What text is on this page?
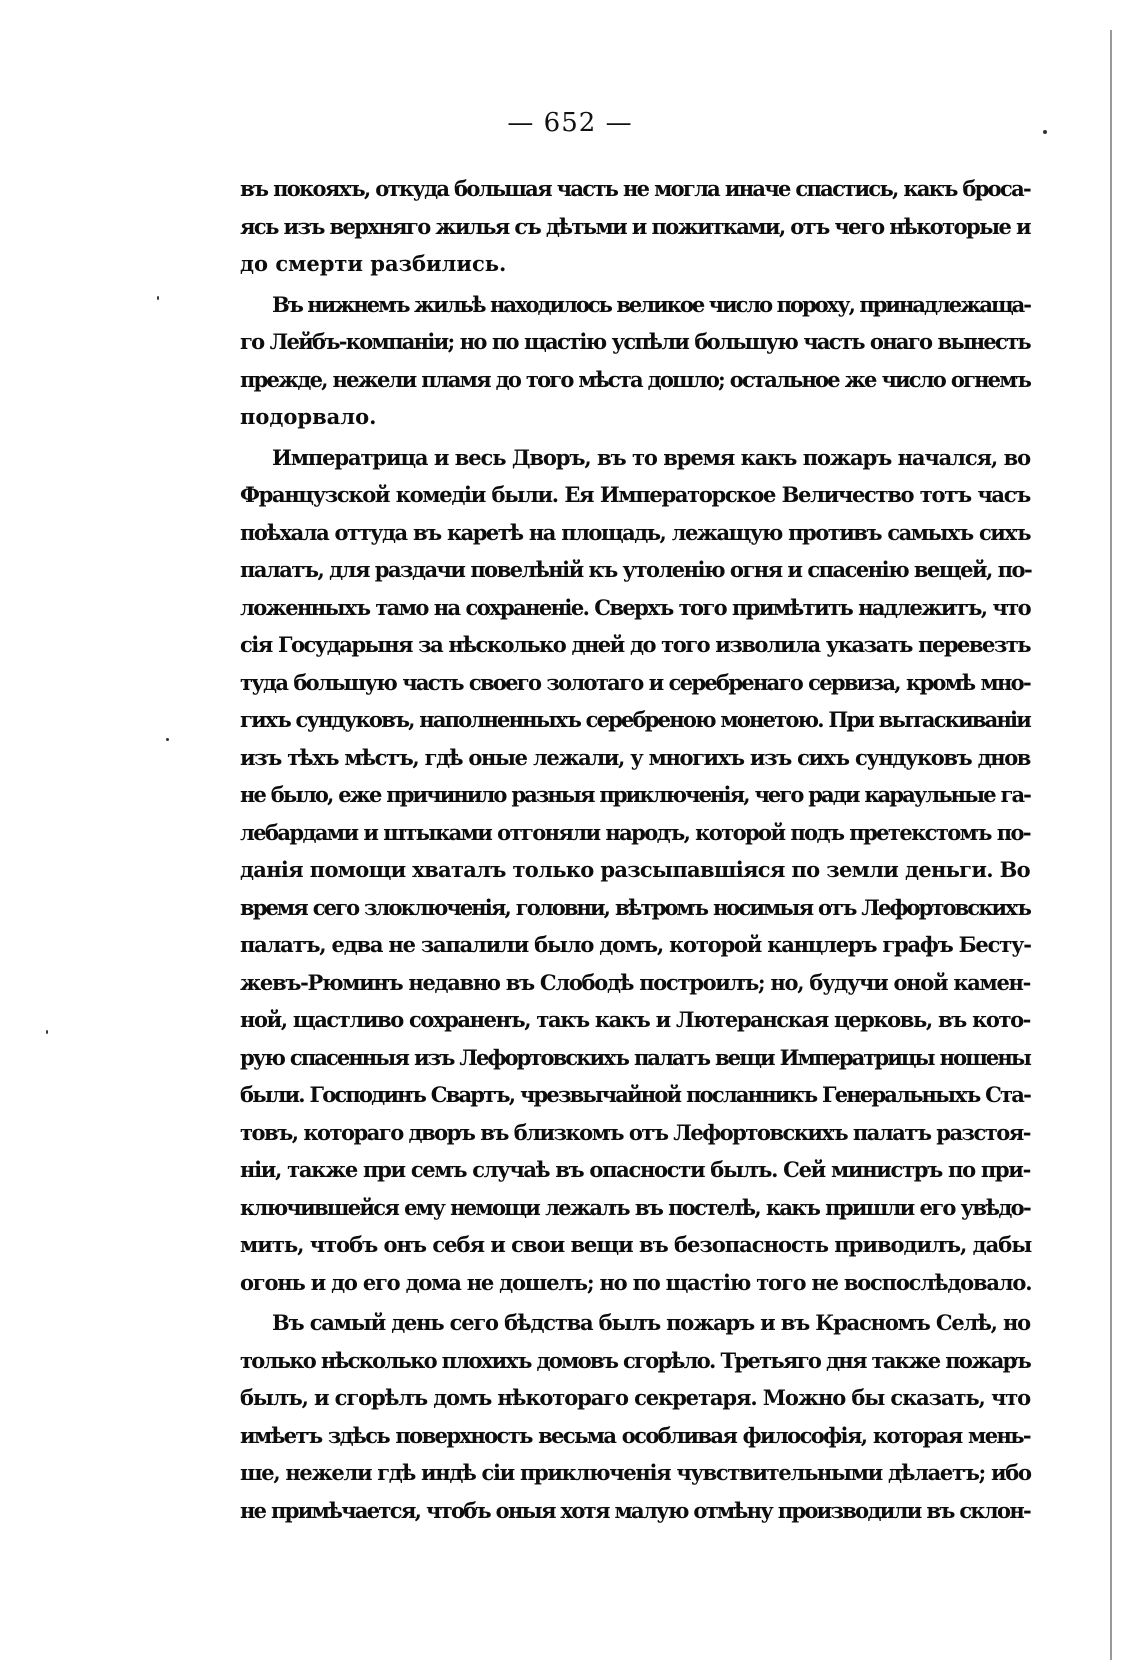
— 652 —

въ покояхъ, откуда большая часть не могла иначе спастись, какъ броса-
ясь изъ верхняго жилья съ дѣтьми и пожитками, отъ чего нѣкоторые и
до смерти разбились.

Въ нижнемъ жильѣ находилось великое число пороху, принадлежаща-
го Лейбъ-компаніи; но по щастію успѣли большую часть онаго вынесть
прежде, нежели пламя до того мѣста дошло; остальное же число огнемъ
подорвало.

Императрица и весь Дворъ, въ то время какъ пожаръ начался, во
Французской комедіи были. Ея Императорское Величество тотъ часъ
поѣхала оттуда въ каретѣ на площадь, лежащую противъ самыхъ сихъ
палатъ, для раздачи повелѣній къ утоленію огня и спасенію вещей, по-
ложенныхъ тамо на сохраненіе. Сверхъ того примѣтить надлежитъ, что
сія Государыня за нѣсколько дней до того изволила указать перевезть
туда большую часть своего золотаго и серебренаго сервиза, кромѣ мно-
гихъ сундуковъ, наполненныхъ серебреною монетою. При вытаскиваніи
изъ тѣхъ мѣстъ, гдѣ оные лежали, у многихъ изъ сихъ сундуковъ днов
не было, еже причинило разныя приключенія, чего ради караульные га-
лебардами и штыками отгоняли народъ, которой подъ претекстомъ по-
данія помощи хваталъ только разсыпавшіяся по земли деньги. Во
время сего злоключенія, головни, вѣтромъ носимыя отъ Лефортовскихъ
палатъ, едва не запалили было домъ, которой канцлеръ графъ Бесту-
жевъ-Рюминъ недавно въ Слободѣ построилъ; но, будучи оной камен-
ной, щастливо сохраненъ, такъ какъ и Лютеранская церковь, въ кото-
рую спасенныя изъ Лефортовскихъ палатъ вещи Императрицы ношены
были. Господинъ Свартъ, чрезвычайной посланникъ Генеральныхъ Ста-
товъ, котораго дворъ въ близкомъ отъ Лефортовскихъ палатъ разстоя-
ніи, также при семъ случаѣ въ опасности былъ. Сей министръ по при-
ключившейся ему немощи лежалъ въ постелѣ, какъ пришли его увѣдо-
мить, чтобъ онъ себя и свои вещи въ безопасность приводилъ, дабы
огонь и до его дома не дошелъ; но по щастію того не воспослѣдовало.

Въ самый день сего бѣдства былъ пожаръ и въ Красномъ Селѣ, но
только нѣсколько плохихъ домовъ сгорѣло. Третьяго дня также пожаръ
былъ, и сгорѣлъ домъ нѣкотораго секретаря. Можно бы сказать, что
имѣетъ здѣсь поверхность весьма особливая философія, которая мень-
ше, нежели гдѣ индѣ сіи приключенія чувствительными дѣлаетъ; ибо
не примѣчается, чтобъ оныя хотя малую отмѣну производили въ склон-
